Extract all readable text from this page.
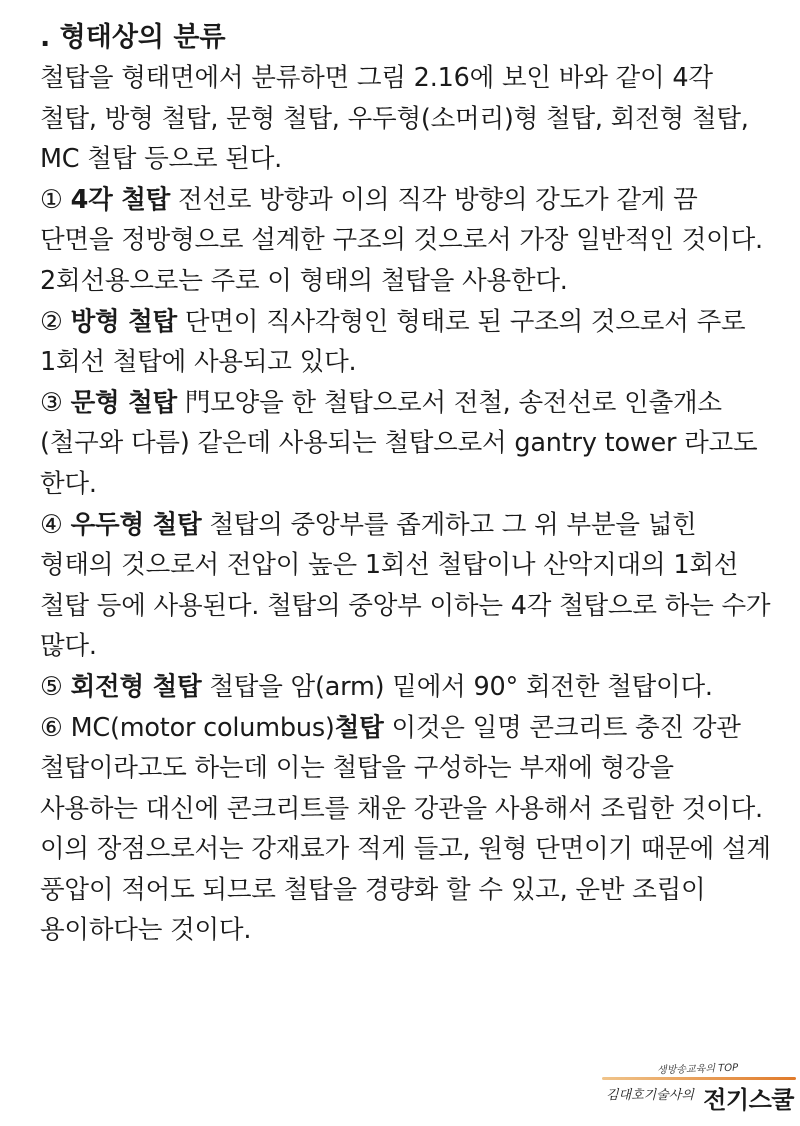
. 형태상의 분류

철탑을 형태면에서 분류하면 그림 2.16에 보인 바와 같이 4각 철탑, 방형 철탑, 문형 철탑, 우두형(소머리)형 철탑, 회전형 철탑, MC 철탑 등으로 된다.

① 4각 철탑 전선로 방향과 이의 직각 방향의 강도가 같게 끔 단면을 정방형으로 설계한 구조의 것으로서 가장 일반적인 것이다. 2회선용으로는 주로 이 형태의 철탑을 사용한다.

② 방형 철탑 단면이 직사각형인 형태로 된 구조의 것으로서 주로 1회선 철탑에 사용되고 있다.

③ 문형 철탑 門모양을 한 철탑으로서 전철, 송전선로 인출개소(철구와 다름) 같은데 사용되는 철탑으로서 gantry tower 라고도 한다.

④ 우두형 철탑 철탑의 중앙부를 좁게하고 그 위 부분을 넓힌 형태의 것으로서 전압이 높은 1회선 철탑이나 산악지대의 1회선 철탑 등에 사용된다. 철탑의 중앙부 이하는 4각 철탑으로 하는 수가 많다.

⑤ 회전형 철탑 철탑을 암(arm) 밑에서 90° 회전한 철탑이다.

⑥ MC(motor columbus)철탑 이것은 일명 콘크리트 충진 강관 철탑이라고도 하는데 이는 철탑을 구성하는 부재에 형강을 사용하는 대신에 콘크리트를 채운 강관을 사용해서 조립한 것이다. 이의 장점으로서는 강재료가 적게 들고, 원형 단면이기 때문에 설계 풍압이 적어도 되므로 철탑을 경량화 할 수 있고, 운반 조립이 용이하다는 것이다.

생방송교육의 TOP
김대호기술사의 전기스쿨
